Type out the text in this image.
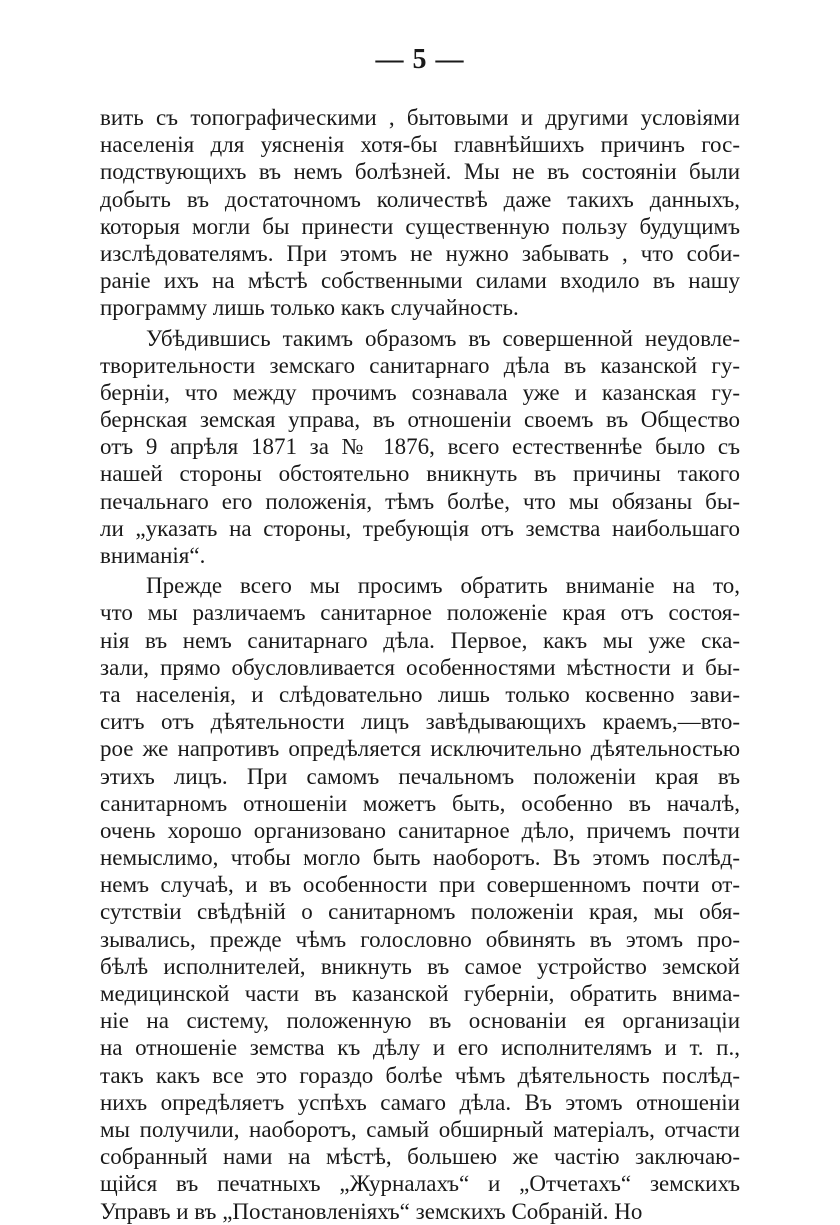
— 5 —
вить съ топографическими , бытовыми и другими условіями
населенія для уясненія хотя-бы главнѣйшихъ причинъ гос-
подствующихъ въ немъ болѣзней. Мы не въ состояніи были
добыть въ достаточномъ количествѣ даже такихъ данныхъ,
которыя могли бы принести существенную пользу будущимъ
изслѣдователямъ. При этомъ не нужно забывать , что соби-
раніе ихъ на мѣстѣ собственными силами входило въ нашу
программу лишь только какъ случайность.
Убѣдившись такимъ образомъ въ совершенной неудовле-
творительности земскаго санитарнаго дѣла въ казанской гу-
берніи, что между прочимъ сознавала уже и казанская гу-
бернская земская управа, въ отношеніи своемъ въ Общество
отъ 9 апрѣля 1871 за № 1876, всего естественнѣе было съ
нашей стороны обстоятельно вникнуть въ причины такого
печальнаго его положенія, тѣмъ болѣе, что мы обязаны бы-
ли „указать на стороны, требующія отъ земства наибольшаго
вниманія“.
Прежде всего мы просимъ обратить вниманіе на то,
что мы различаемъ санитарное положеніе края отъ состоя-
нія въ немъ санитарнаго дѣла. Первое, какъ мы уже ска-
зали, прямо обусловливается особенностями мѣстности и бы-
та населенія, и слѣдовательно лишь только косвенно зави-
ситъ отъ дѣятельности лицъ завѣдывающихъ краемъ,—вто-
рое же напротивъ опредѣляется исключительно дѣятельностью
этихъ лицъ. При самомъ печальномъ положеніи края въ
санитарномъ отношеніи можетъ быть, особенно въ началѣ,
очень хорошо организовано санитарное дѣло, причемъ почти
немыслимо, чтобы могло быть наоборотъ. Въ этомъ послѣд-
немъ случаѣ, и въ особенности при совершенномъ почти от-
сутствіи свѣдѣній о санитарномъ положеніи края, мы обя-
зывались, прежде чѣмъ голословно обвинять въ этомъ про-
бѣлѣ исполнителей, вникнуть въ самое устройство земской
медицинской части въ казанской губерніи, обратить внима-
ніе на систему, положенную въ основаніи ея организаціи
на отношеніе земства къ дѣлу и его исполнителямъ и т. п.,
такъ какъ все это гораздо болѣе чѣмъ дѣятельность послѣд-
нихъ опредѣляетъ успѣхъ самаго дѣла. Въ этомъ отношеніи
мы получили, наоборотъ, самый обширный матеріалъ, отчасти
собранный нами на мѣстѣ, большею же частію заключаю-
щійся въ печатныхъ „Журналахъ“ и „Отчетахъ“ земскихъ
Управъ и въ „Постановленіяхъ“ земскихъ Собраній. Но
